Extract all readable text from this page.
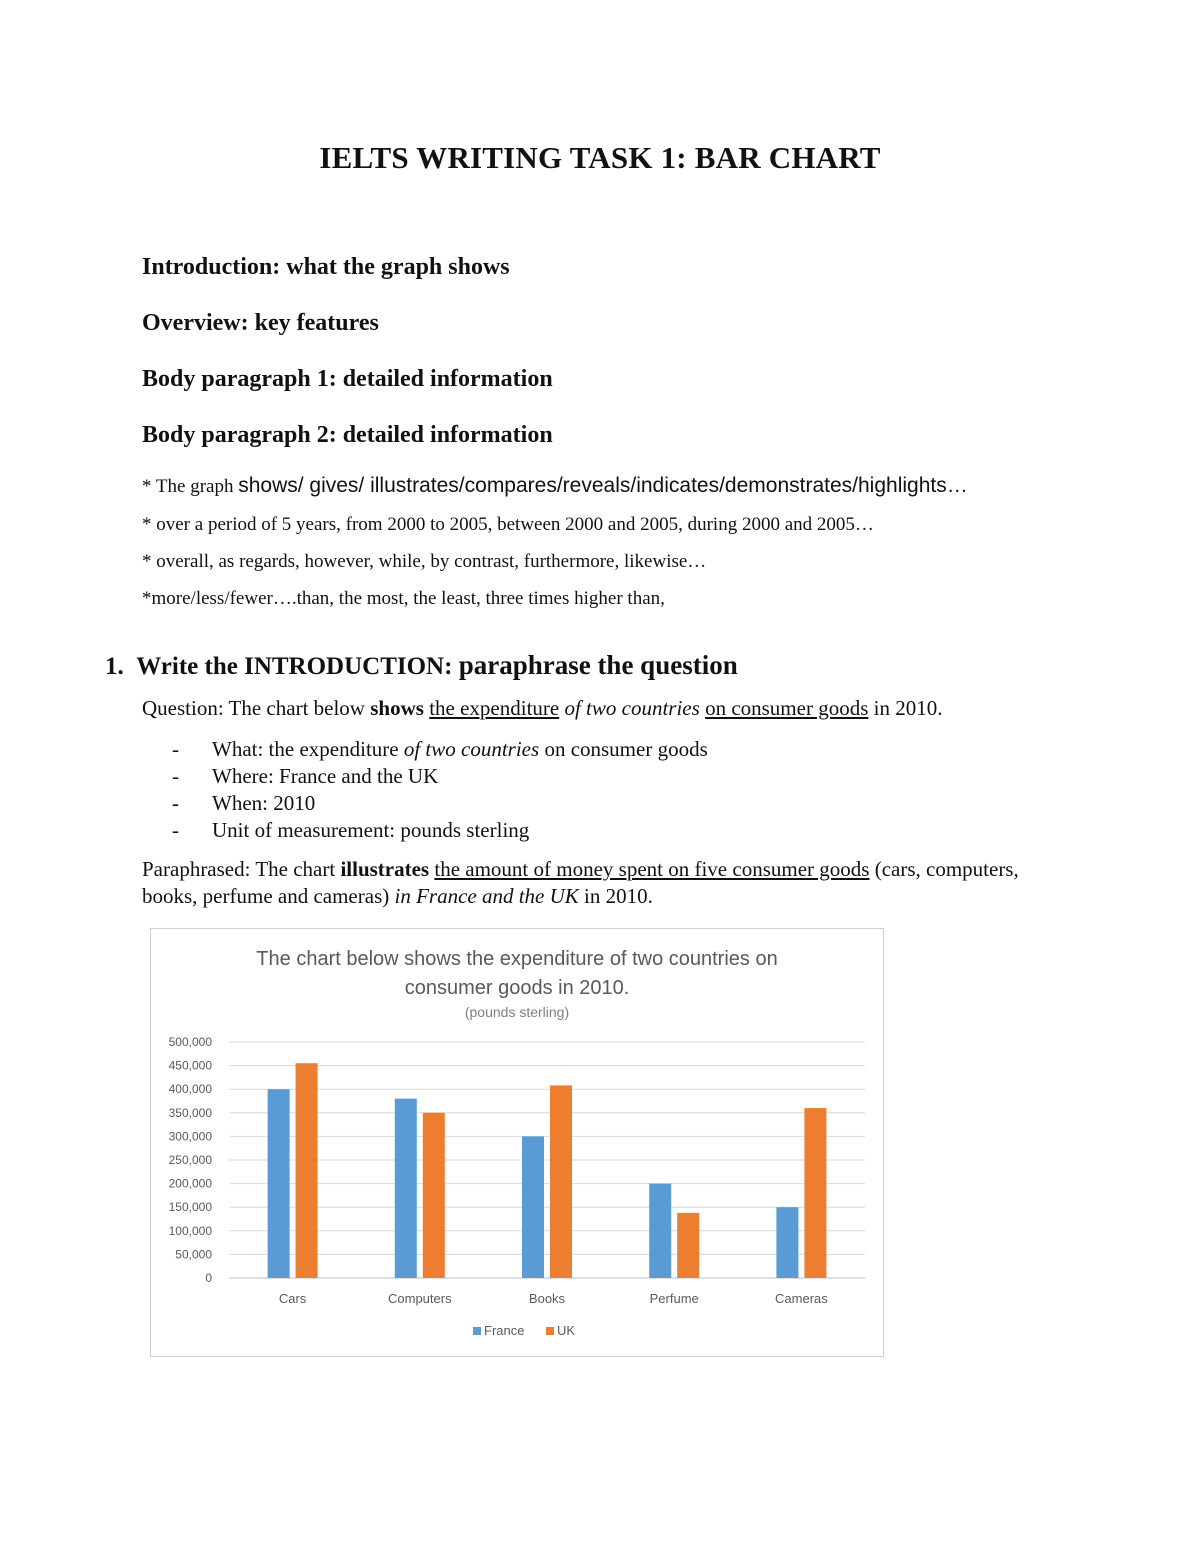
IELTS WRITING TASK 1: BAR CHART
Introduction: what the graph shows
Overview: key features
Body paragraph 1: detailed information
Body paragraph 2: detailed information
* The graph shows/ gives/ illustrates/compares/reveals/indicates/demonstrates/highlights…
* over a period of 5 years, from 2000 to 2005, between 2000 and 2005, during 2000 and 2005…
* overall, as regards, however, while, by contrast, furthermore, likewise…
*more/less/fewer….than, the most, the least, three times higher than,
1. Write the INTRODUCTION: paraphrase the question
Question: The chart below shows the expenditure of two countries on consumer goods in 2010.
- What: the expenditure of two countries on consumer goods
- Where: France and the UK
- When: 2010
- Unit of measurement: pounds sterling
Paraphrased: The chart illustrates the amount of money spent on five consumer goods (cars, computers, books, perfume and cameras) in France and the UK in 2010.
The chart below shows the expenditure of two countries on
consumer goods in 2010.
(pounds sterling)
0
50,000
100,000
150,000
200,000
250,000
300,000
350,000
400,000
450,000
500,000
Cars	Computers	Books	Perfume	Cameras
France	UK
